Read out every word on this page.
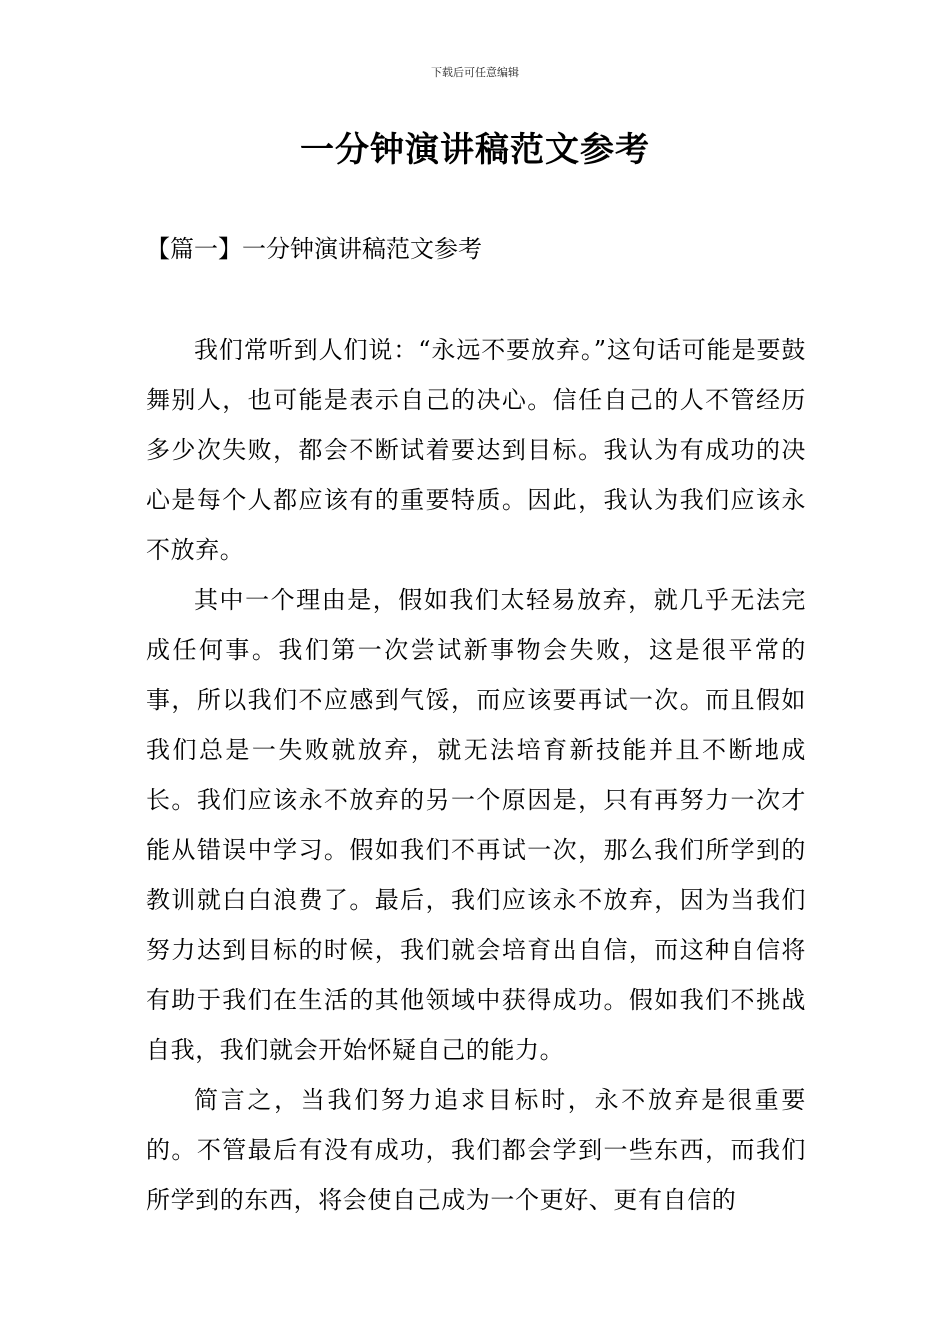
下载后可任意编辑
一分钟演讲稿范文参考
【篇一】一分钟演讲稿范文参考

我们常听到人们说：“永远不要放弃。”这句话可能是要鼓舞别人，也可能是表示自己的决心。信任自己的人不管经历多少次失败，都会不断试着要达到目标。我认为有成功的决心是每个人都应该有的重要特质。因此，我认为我们应该永不放弃。

其中一个理由是，假如我们太轻易放弃，就几乎无法完成任何事。我们第一次尝试新事物会失败，这是很平常的事，所以我们不应感到气馁，而应该要再试一次。而且假如我们总是一失败就放弃，就无法培育新技能并且不断地成长。我们应该永不放弃的另一个原因是，只有再努力一次才能从错误中学习。假如我们不再试一次，那么我们所学到的教训就白白浪费了。最后，我们应该永不放弃，因为当我们努力达到目标的时候，我们就会培育出自信，而这种自信将有助于我们在生活的其他领域中获得成功。假如我们不挑战自我，我们就会开始怀疑自己的能力。

简言之，当我们努力追求目标时，永不放弃是很重要的。不管最后有没有成功，我们都会学到一些东西，而我们所学到的东西，将会使自己成为一个更好、更有自信的
